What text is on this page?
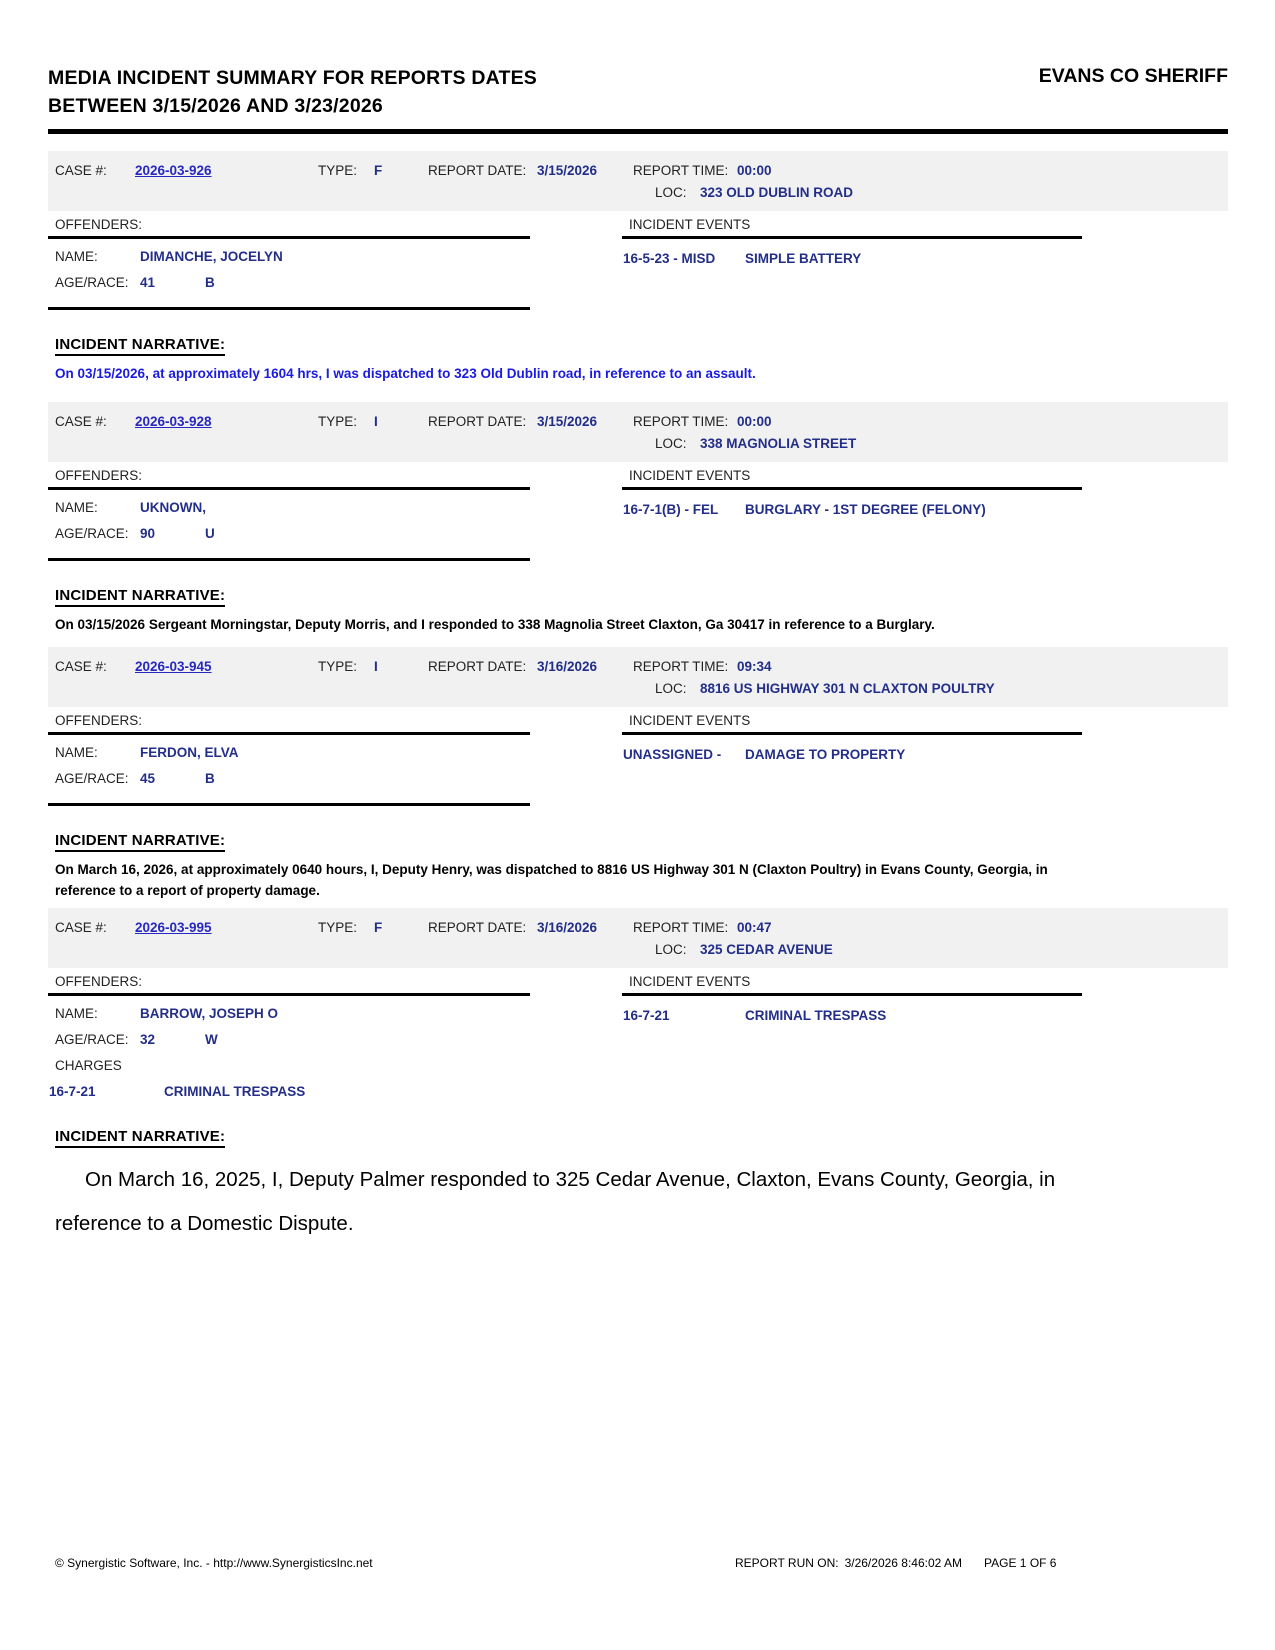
MEDIA INCIDENT SUMMARY FOR REPORTS DATES
BETWEEN 3/15/2026 AND 3/23/2026
EVANS CO SHERIFF
CASE #:	2026-03-926	TYPE:	F	REPORT DATE: 3/15/2026	REPORT TIME: 00:00
LOC: 323 OLD DUBLIN ROAD
OFFENDERS:
NAME:	DIMANCHE, JOCELYN
AGE/RACE: 41	B
INCIDENT EVENTS
16-5-23 - MISD	SIMPLE BATTERY
INCIDENT NARRATIVE:

On 03/15/2026, at approximately 1604 hrs, I was dispatched to 323 Old Dublin road, in reference to an assault.

CASE #:	2026-03-928	TYPE:	I	REPORT DATE: 3/15/2026	REPORT TIME: 00:00
LOC: 338 MAGNOLIA STREET
OFFENDERS:
NAME:	UKNOWN,
AGE/RACE: 90	U
INCIDENT EVENTS
16-7-1(B) - FEL	BURGLARY - 1ST DEGREE (FELONY)
INCIDENT NARRATIVE:

On 03/15/2026 Sergeant Morningstar, Deputy Morris, and I responded to 338 Magnolia Street Claxton, Ga 30417 in reference to a Burglary.

CASE #:	2026-03-945	TYPE:	I	REPORT DATE: 3/16/2026	REPORT TIME: 09:34
LOC: 8816 US HIGHWAY 301 N CLAXTON POULTRY
OFFENDERS:
NAME:	FERDON, ELVA
AGE/RACE: 45	B
INCIDENT EVENTS
UNASSIGNED -	DAMAGE TO PROPERTY
INCIDENT NARRATIVE:

On March 16, 2026, at approximately 0640 hours, I, Deputy Henry, was dispatched to 8816 US Highway 301 N (Claxton Poultry) in Evans County, Georgia, in reference to a report of property damage.

CASE #:	2026-03-995	TYPE:	F	REPORT DATE: 3/16/2026	REPORT TIME: 00:47
LOC: 325 CEDAR AVENUE
OFFENDERS:
NAME:	BARROW, JOSEPH O
AGE/RACE: 32	W
CHARGES
16-7-21	CRIMINAL TRESPASS
INCIDENT EVENTS
16-7-21	CRIMINAL TRESPASS
INCIDENT NARRATIVE:

On March 16, 2025, I, Deputy Palmer responded to 325 Cedar Avenue, Claxton, Evans County, Georgia, in reference to a Domestic Dispute.

© Synergistic Software, Inc. - http://www.SynergisticsInc.net	REPORT RUN ON: 3/26/2026 8:46:02 AM PAGE 1 OF 6
